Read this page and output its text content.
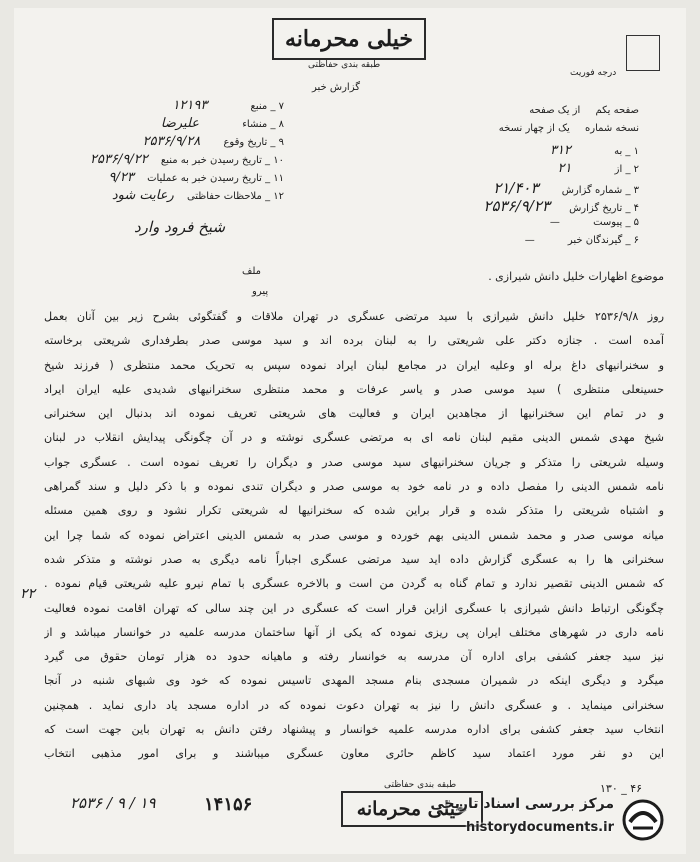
خیلی محرمانه
طبقه بندی حفاظتی
گزارش خبر
درجه فوریت
۷ _ منبع ۱۲۱۹۳
۸ _ منشاء علیرضا
۹ _ تاریخ وقوع ۲۵۳۶/۹/۲۸
۱۰ _ تاریخ رسیدن خبر به منبع ۲۵۳۶/۹/۲۲
۱۱ _ تاریخ رسیدن خبر به عملیات ۹/۲۳
۱۲ _ ملاحظات حفاظتی رعایت شود
شیخ فرود وارد
صفحه یکم از یک صفحه
نسخه شماره یک از چهار نسخه
۱ _ به ۳۱۲
۲ _ از ۲۱
۳ _ شماره گزارش ۲۱/۴۰۳
۴ _ تاریخ گزارش ۲۵۳۶/۹/۲۳
۵ _ پیوست —
۶ _ گیرندگان خبر —
ملف
پیرو
موضوع اظهارات خلیل دانش شیرازی .
روز ۲۵۳۶/۹/۸ خلیل دانش شیرازی با سید مرتضی عسگری در تهران ملاقات و گفتگوئی بشرح زیر بین آنان بعمل
آمده است . جنازه دکتر علی شریعتی را به لبنان برده اند و سید موسی صدر بطرفداری شریعتی برخاسته
و سخنرانیهای داغ برله او وعلیه ایران در مجامع لبنان ایراد نموده سپس به تحریک محمد منتظری ( فرزند شیخ
حسینعلی منتظری ) سید موسی صدر و یاسر عرفات و محمد منتظری سخنرانیهای شدیدی علیه ایران ایراد
و در تمام این سخنرانیها از مجاهدین ایران و فعالیت های شریعتی تعریف نموده اند بدنبال این سخنرانی
شیخ مهدی شمس الدینی مقیم لبنان نامه ای به مرتضی عسگری نوشته و در آن چگونگی پیدایش انقلاب در لبنان
وسیله شریعتی را متذکر و جریان سخنرانیهای سید موسی صدر و دیگران را تعریف نموده است . عسگری جواب
نامه شمس الدینی را مفصل داده و در نامه خود به موسی صدر و دیگران تندی نموده و با ذکر دلیل و سند گمراهی
و اشتباه شریعتی را متذکر شده و قرار براین شده که سخنرانیها له شریعتی تکرار نشود و روی همین مسئله
میانه موسی صدر و محمد شمس الدینی بهم خورده و موسی صدر به شمس الدینی اعتراض نموده که شما چرا این
سخنرانی ها را به عسگری گزارش داده اید سید مرتضی عسگری اجباراً نامه دیگری به صدر نوشته و متذکر شده
که شمس الدینی تقصیر ندارد و تمام گناه به گردن من است و بالاخره عسگری با تمام نیرو علیه شریعتی قیام نموده .
چگونگی ارتباط دانش شیرازی با عسگری ازاین قرار است که عسگری در این چند سالی که تهران اقامت نموده فعالیت
نامه داری در شهرهای مختلف ایران پی ریزی نموده که یکی از آنها ساختمان مدرسه علمیه در خوانسار میباشد و از
نیز سید جعفر کشفی برای اداره آن مدرسه به خوانسار رفته و ماهیانه حدود ده هزار تومان حقوق می گیرد
میگرد و دیگری اینکه در شمیران مسجدی بنام مسجد المهدی تاسیس نموده که خود وی شبهای شنبه در آنجا
سخنرانی مینماید . و عسگری دانش را نیز به تهران دعوت نموده که در اداره مسجد یاد داری نماید . همچنین
انتخاب سید جعفر کشفی برای اداره مدرسه علمیه خوانسار و پیشنهاد رفتن دانش به تهران باین جهت است که
این دو نفر مورد اعتماد سید کاظم حائری معاون عسگری میباشند و برای امور مذهبی انتخاب
۲۲
خیلی محرمانه
طبقه بندی حفاظتی
۱۴۱۵۶
۱۹ / ۹ / ۲۵۳۶
۴۶ _ ۱۳۰
مرکز بررسی اسناد تاریخی
historydocuments.ir
